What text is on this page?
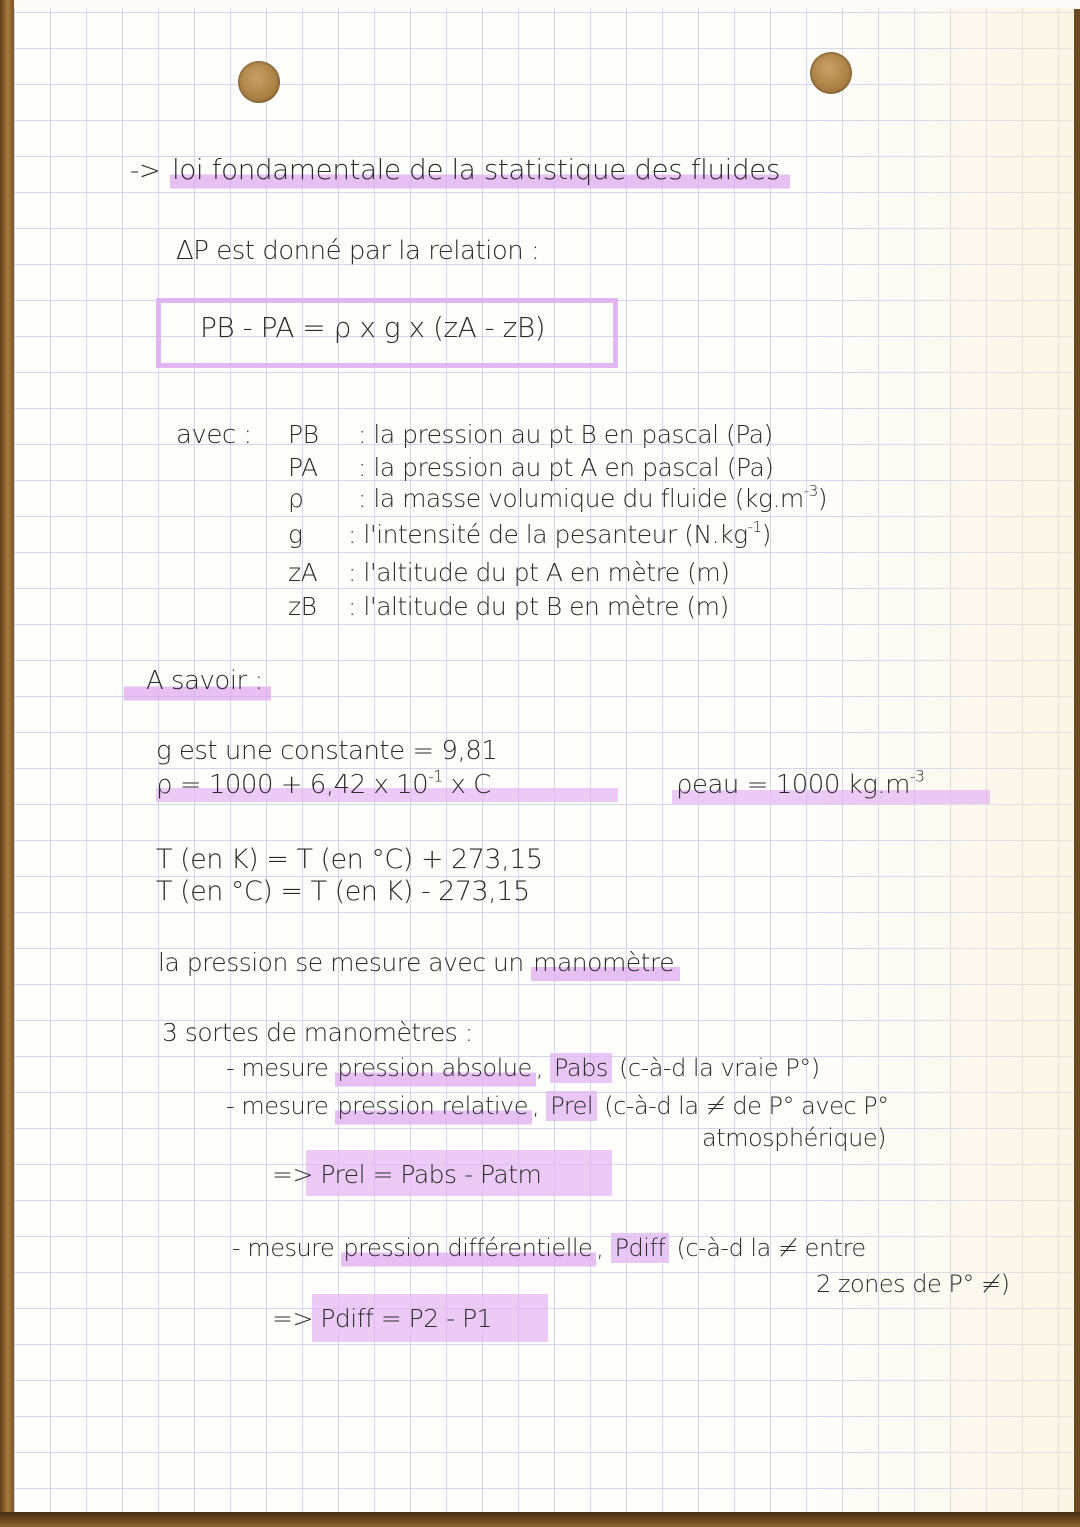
-> loi fondamentale de la statistique des fluides
ΔP est donné par la relation :
PB - PA = ρ x g x (zA - zB)
avec : PB : la pression au pt B en pascal (Pa)
PA : la pression au pt A en pascal (Pa)
ρ : la masse volumique du fluide $(kg.m^{-3})$
g : l'intensité de la pesanteur $(N.kg^{-1})$
zA : l'altitude du pt A en mètre (m)
zB : l'altitude du pt B en mètre (m)
A savoir :
g est une constante = 9,81
ρ = 1000 + 6,42 x $10^{-1}$ x C	ρeau = 1000 $kg.m^{-3}$
T (en K) = T (en °C) + 273,15
T (en °C) = T (en K) - 273,15
la pression se mesure avec un manomètre
3 sortes de manomètres :
- mesure pression absolue , Pabs (c-à-d la vraie P°)
- mesure pression relative , Prel (c-à-d la ≠ de P° avec P°
atmosphérique)
=> Prel = Pabs - Patm
- mesure pression différentielle , Pdiff (c-à-d la ≠ entre
2 zones de P° ≠)
=> Pdiff = P2 - P1
